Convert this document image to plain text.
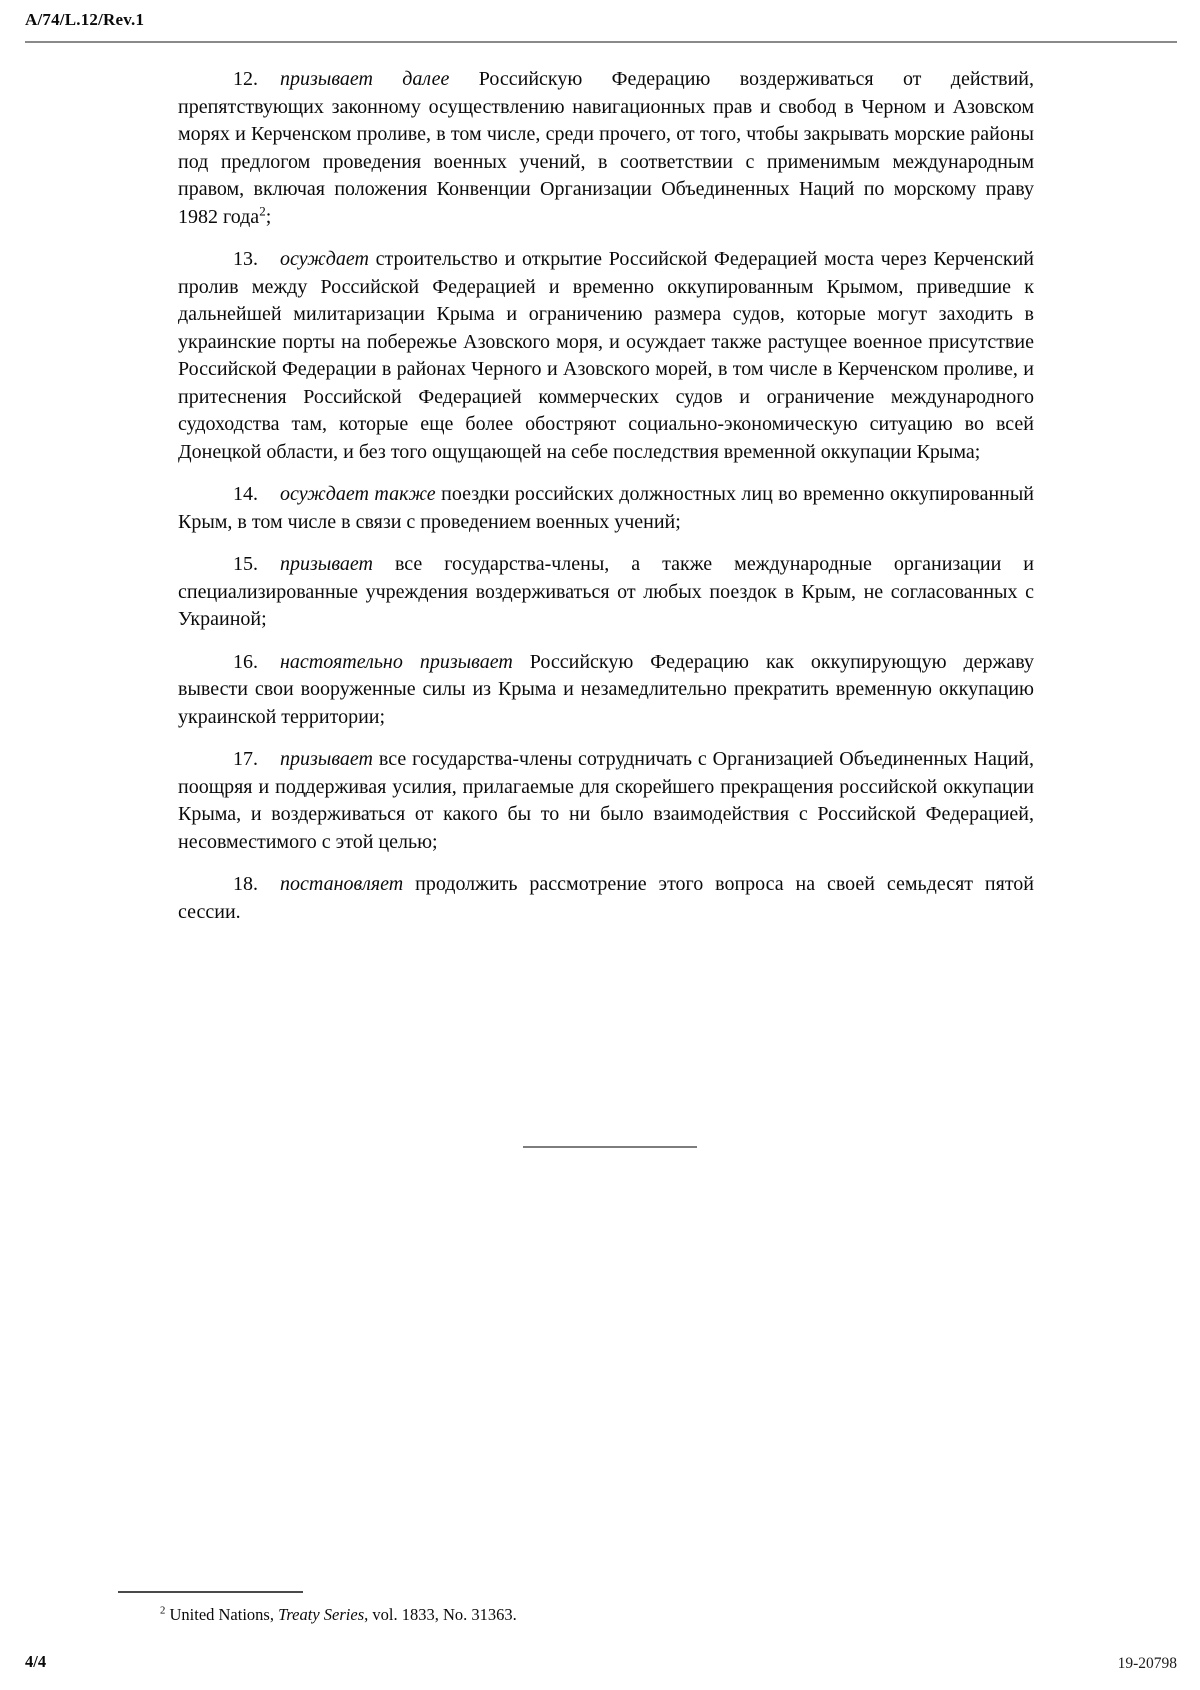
A/74/L.12/Rev.1

12. призывает далее Российскую Федерацию воздерживаться от действий, препятствующих законному осуществлению навигационных прав и свобод в Черном и Азовском морях и Керченском проливе, в том числе, среди прочего, от того, чтобы закрывать морские районы под предлогом проведения военных учений, в соответствии с применимым международным правом, включая положения Конвенции Организации Объединенных Наций по морскому праву 1982 года$^2$;

13. осуждает строительство и открытие Российской Федерацией моста через Керченский пролив между Российской Федерацией и временно оккупированным Крымом, приведшие к дальнейшей милитаризации Крыма и ограничению размера судов, которые могут заходить в украинские порты на побережье Азовского моря, и осуждает также растущее военное присутствие Российской Федерации в районах Черного и Азовского морей, в том числе в Керченском проливе, и притеснения Российской Федерацией коммерческих судов и ограничение международного судоходства там, которые еще более обостряют социально-экономическую ситуацию во всей Донецкой области, и без того ощущающей на себе последствия временной оккупации Крыма;

14. осуждает также поездки российских должностных лиц во временно оккупированный Крым, в том числе в связи с проведением военных учений;

15. призывает все государства-члены, а также международные организации и специализированные учреждения воздерживаться от любых поездок в Крым, не согласованных с Украиной;

16. настоятельно призывает Российскую Федерацию как оккупирующую державу вывести свои вооруженные силы из Крыма и незамедлительно прекратить временную оккупацию украинской территории;

17. призывает все государства-члены сотрудничать с Организацией Объединенных Наций, поощряя и поддерживая усилия, прилагаемые для скорейшего прекращения российской оккупации Крыма, и воздерживаться от какого бы то ни было взаимодействия с Российской Федерацией, несовместимого с этой целью;

18. постановляет продолжить рассмотрение этого вопроса на своей семьдесят пятой сессии.

$^2$ United Nations, Treaty Series, vol. 1833, No. 31363.
4/4	19-20798
